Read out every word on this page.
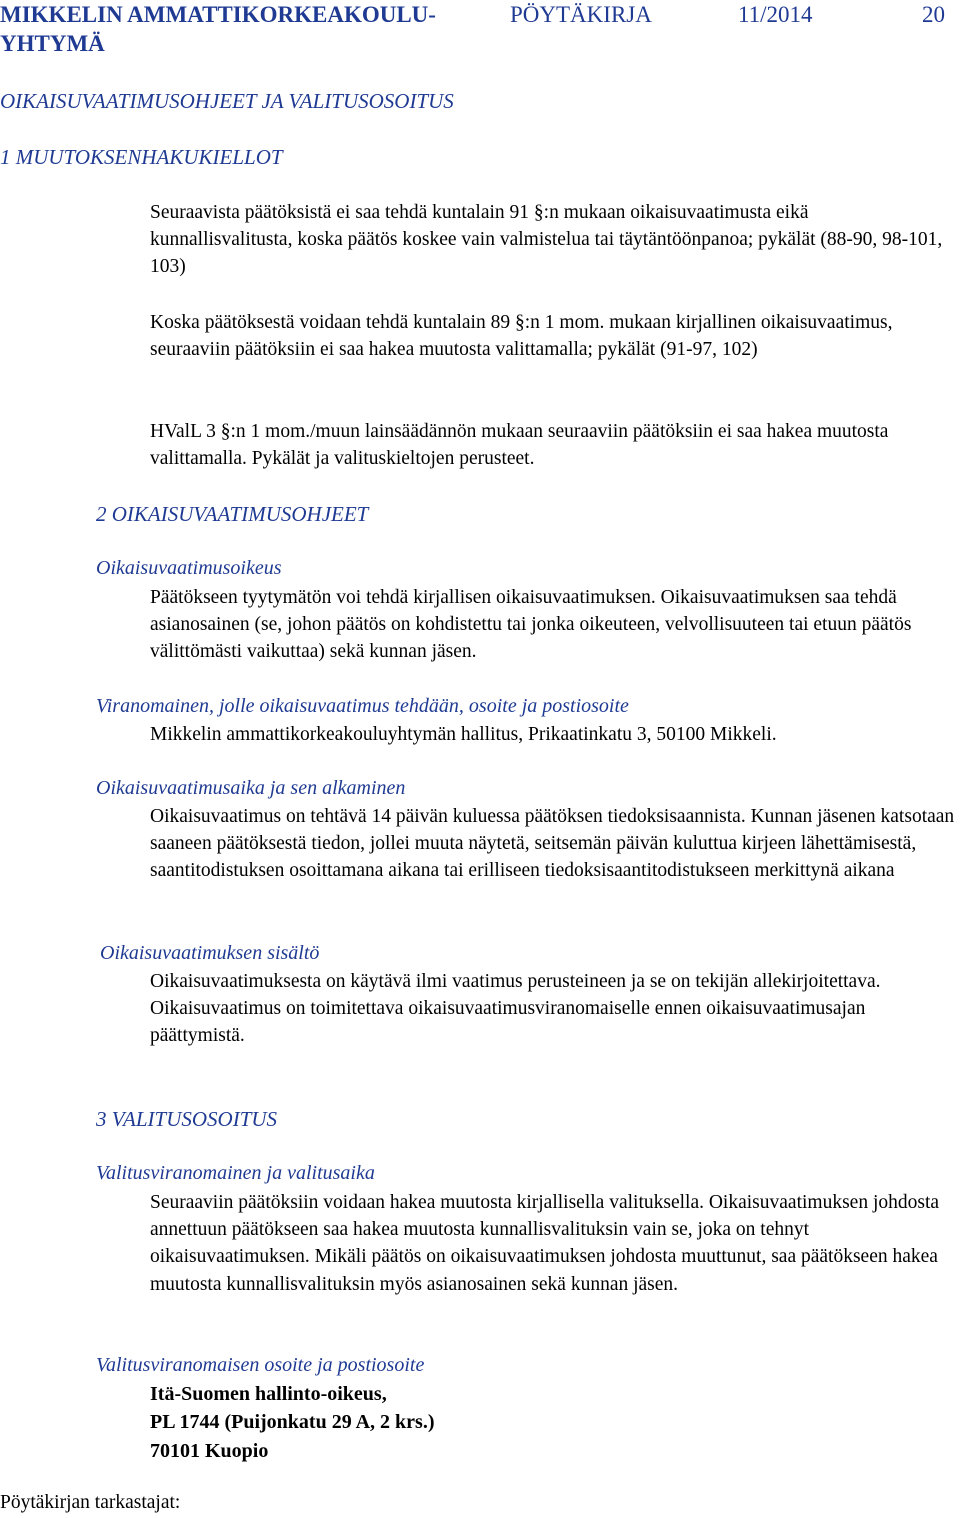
MIKKELIN AMMATTIKORKEAKOULU-
YHTYMÄ
PÖYTÄKIRJA	11/2014	20
OIKAISUVAATIMUSOHJEET JA VALITUSOSOITUS
1 MUUTOKSENHAKUKIELLOT
Seuraavista päätöksistä ei saa tehdä kuntalain 91 §:n mukaan oikaisuvaatimusta eikä kunnallisvalitusta, koska päätös koskee vain valmistelua tai täytäntöönpanoa; pykälät (88-90, 98-101, 103)
Koska päätöksestä voidaan tehdä kuntalain 89 §:n 1 mom. mukaan kirjallinen oikaisuvaatimus, seuraaviin päätöksiin ei saa hakea muutosta valittamalla; pykälät (91-97, 102)
HValL 3 §:n 1 mom./muun lainsäädännön mukaan seuraaviin päätöksiin ei saa hakea muutosta valittamalla. Pykälät ja valituskieltojen perusteet.
2 OIKAISUVAATIMUSOHJEET
Oikaisuvaatimusoikeus
Päätökseen tyytymätön voi tehdä kirjallisen oikaisuvaatimuksen. Oikaisuvaatimuksen saa tehdä asianosainen (se, johon päätös on kohdistettu tai jonka oikeuteen, velvollisuuteen tai etuun päätös välittömästi vaikuttaa) sekä kunnan jäsen.
Viranomainen, jolle oikaisuvaatimus tehdään, osoite ja postiosoite
Mikkelin ammattikorkeakouluyhtymän hallitus, Prikaatinkatu 3, 50100 Mikkeli.
Oikaisuvaatimusaika ja sen alkaminen
Oikaisuvaatimus on tehtävä 14 päivän kuluessa päätöksen tiedoksisaannista. Kunnan jäsenen katsotaan saaneen päätöksestä tiedon, jollei muuta näytetä, seitsemän päivän kuluttua kirjeen lähettämisestä, saantitodistuksen osoittamana aikana tai erilliseen tiedoksisaantitodistukseen merkittynä aikana
Oikaisuvaatimuksen sisältö
Oikaisuvaatimuksesta on käytävä ilmi vaatimus perusteineen ja se on tekijän allekirjoitettava. Oikaisuvaatimus on toimitettava oikaisuvaatimusviranomaiselle ennen oikaisuvaatimusajan päättymistä.
3 VALITUSOSOITUS
Valitusviranomainen ja valitusaika
Seuraaviin päätöksiin voidaan hakea muutosta kirjallisella valituksella. Oikaisuvaatimuksen johdosta annettuun päätökseen saa hakea muutosta kunnallisvalituksin vain se, joka on tehnyt oikaisuvaatimuksen. Mikäli päätös on oikaisuvaatimuksen johdosta muuttunut, saa päätökseen hakea muutosta kunnallisvalituksin myös asianosainen sekä kunnan jäsen.
Valitusviranomaisen osoite ja postiosoite
Itä-Suomen hallinto-oikeus,
PL 1744 (Puijonkatu 29 A, 2 krs.)
70101 Kuopio
Pöytäkirjan tarkastajat:
